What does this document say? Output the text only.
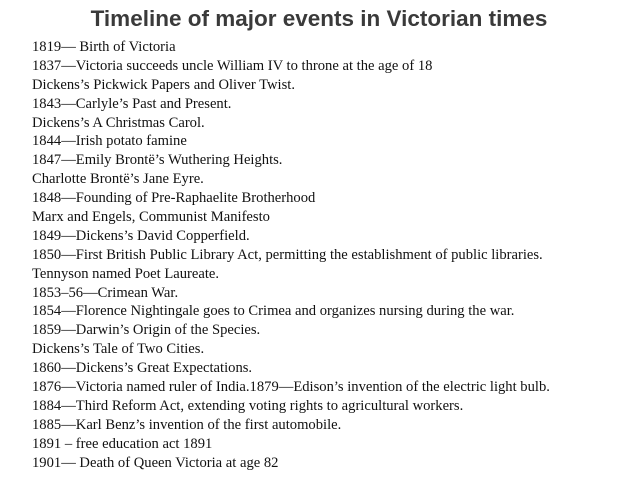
Timeline of major events in Victorian times
1819— Birth of Victoria
1837—Victoria succeeds uncle William IV to throne at the age of 18
Dickens’s Pickwick Papers and Oliver Twist.
1843—Carlyle’s Past and Present.
Dickens’s A Christmas Carol.
1844—Irish potato famine
1847—Emily Brontë’s Wuthering Heights.
Charlotte Brontë’s Jane Eyre.
1848—Founding of Pre-Raphaelite Brotherhood
Marx and Engels, Communist Manifesto
1849—Dickens’s David Copperfield.
1850—First British Public Library Act, permitting the establishment of public libraries.
Tennyson named Poet Laureate.
1853–56—Crimean War.
1854—Florence Nightingale goes to Crimea and organizes nursing during the war.
1859—Darwin’s Origin of the Species.
Dickens’s Tale of Two Cities.
1860—Dickens’s Great Expectations.
1876—Victoria named ruler of India.1879—Edison’s invention of the electric light bulb.
1884—Third Reform Act, extending voting rights to agricultural workers.
1885—Karl Benz’s invention of the first automobile.
1891 – free education act 1891
1901— Death of Queen Victoria at age 82
